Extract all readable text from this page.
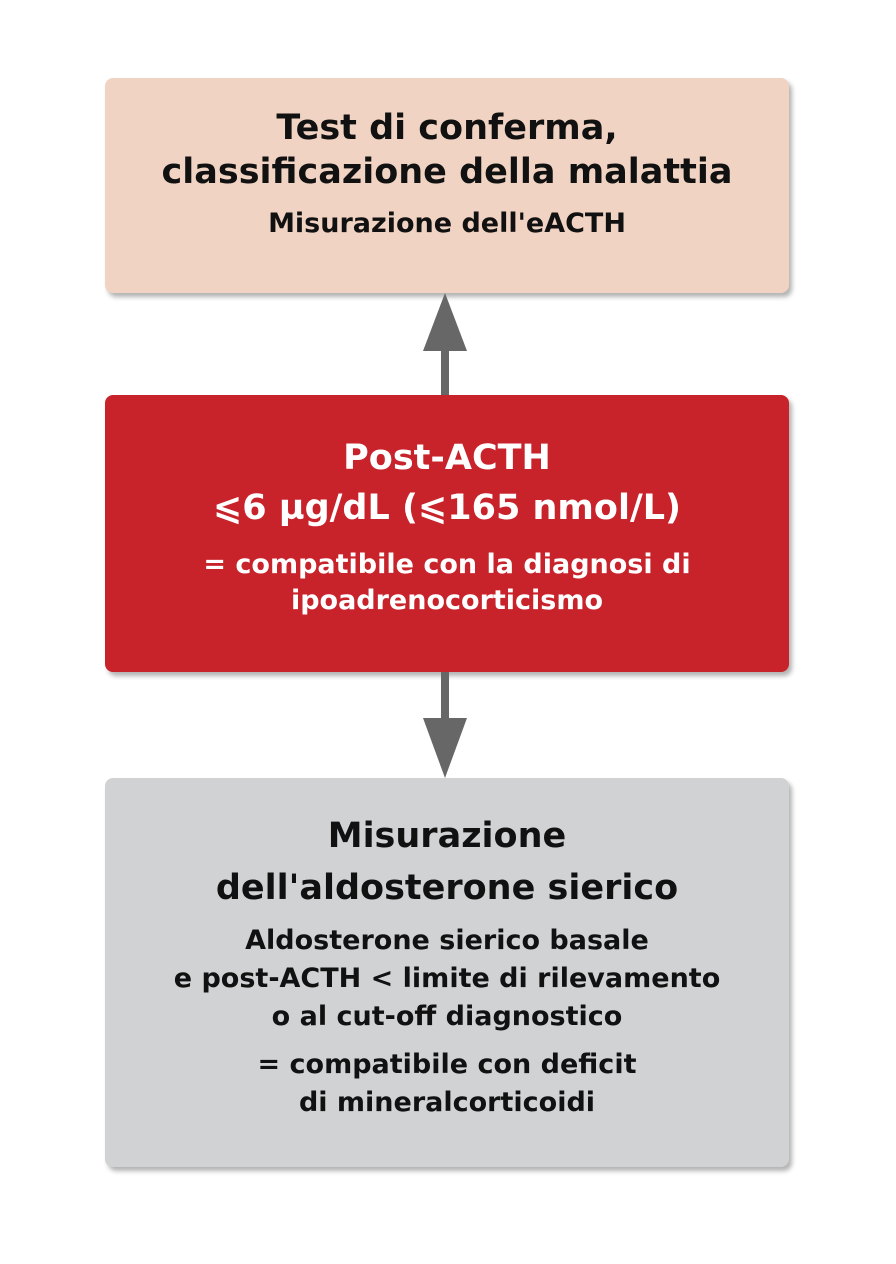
Test di conferma,
classificazione della malattia
Misurazione dell'eACTH
Post-ACTH
⩽6 µg/dL (⩽165 nmol/L)
= compatibile con la diagnosi di
ipoadrenocorticismo
Misurazione
dell'aldosterone sierico
Aldosterone sierico basale
e post-ACTH < limite di rilevamento
o al cut-off diagnostico
= compatibile con deficit
di mineralcorticoidi
